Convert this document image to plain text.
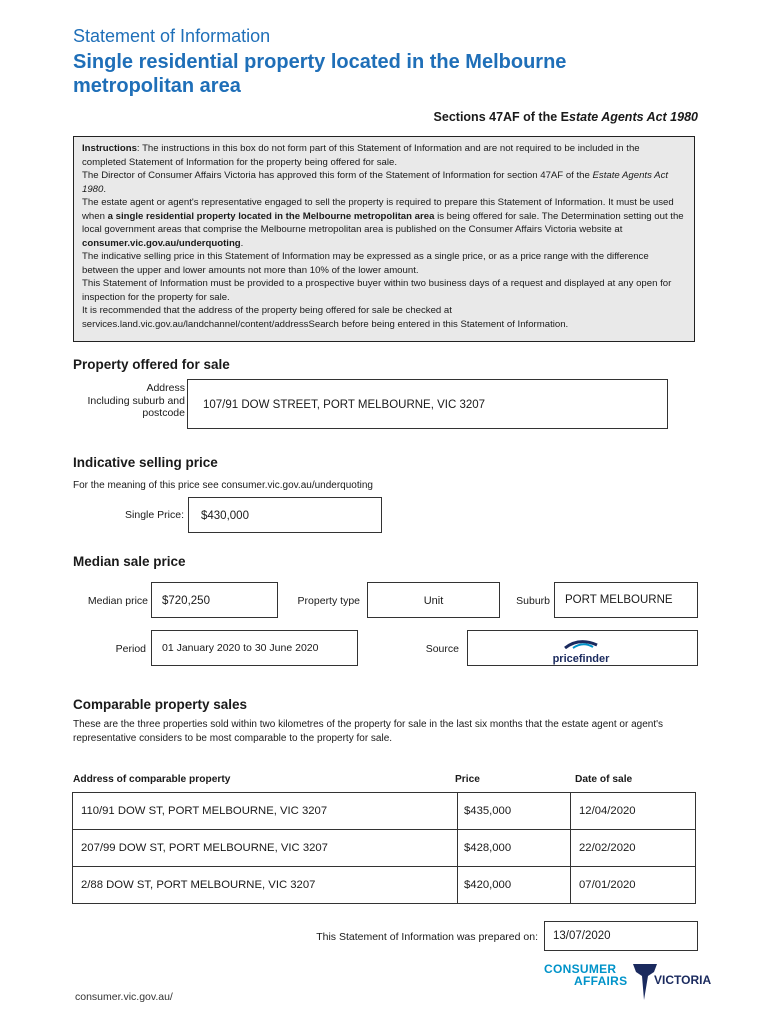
Statement of Information
Single residential property located in the Melbourne metropolitan area
Sections 47AF of the Estate Agents Act 1980

Instructions: The instructions in this box do not form part of this Statement of Information and are not required to be included in the completed Statement of Information for the property being offered for sale.

The Director of Consumer Affairs Victoria has approved this form of the Statement of Information for section 47AF of the Estate Agents Act 1980.

The estate agent or agent's representative engaged to sell the property is required to prepare this Statement of Information. It must be used when a single residential property located in the Melbourne metropolitan area is being offered for sale. The Determination setting out the local government areas that comprise the Melbourne metropolitan area is published on the Consumer Affairs Victoria website at consumer.vic.gov.au/underquoting.

The indicative selling price in this Statement of Information may be expressed as a single price, or as a price range with the difference between the upper and lower amounts not more than 10% of the lower amount.

This Statement of Information must be provided to a prospective buyer within two business days of a request and displayed at any open for inspection for the property for sale.

It is recommended that the address of the property being offered for sale be checked at services.land.vic.gov.au/landchannel/content/addressSearch before being entered in this Statement of Information.

Property offered for sale
Address
Including suburb and
postcode
107/91 DOW STREET, PORT MELBOURNE, VIC 3207
Indicative selling price
For the meaning of this price see consumer.vic.gov.au/underquoting
Single Price: $430,000
Median sale price
Median price $720,250	Property type	Unit	Suburb PORT MELBOURNE
Period 01 January 2020 to 30 June 2020	Source
pricefinder
Comparable property sales
These are the three properties sold within two kilometres of the property for sale in the last six months that the estate agent or agent's representative considers to be most comparable to the property for sale.
Address of comparable property	Price	Date of sale
110/91 DOW ST, PORT MELBOURNE, VIC 3207	$435,000	12/04/2020
207/99 DOW ST, PORT MELBOURNE, VIC 3207	$428,000	22/02/2020
2/88 DOW ST, PORT MELBOURNE, VIC 3207	$420,000	07/01/2020
This Statement of Information was prepared on: 13/07/2020
CONSUMER
AFFAIRS VICTORIA
consumer.vic.gov.au/
